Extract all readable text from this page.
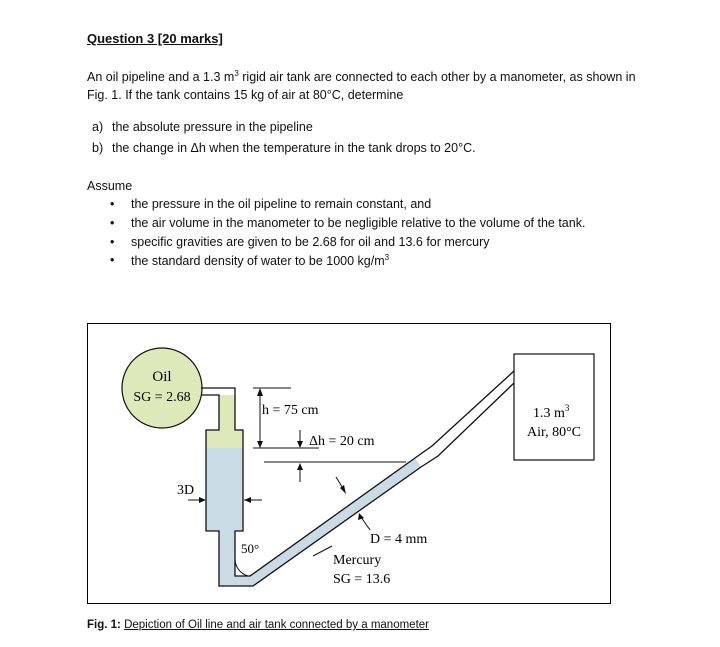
Question 3 [20 marks]
An oil pipeline and a 1.3 $m^3$ rigid air tank are connected to each other by a manometer, as shown in Fig. 1. If the tank contains 15 kg of air at 80°C, determine
a) the absolute pressure in the pipeline
b) the change in Δh when the temperature in the tank drops to 20°C.
Assume
• the pressure in the oil pipeline to remain constant, and
• the air volume in the manometer to be negligible relative to the volume of the tank.
• specific gravities are given to be 2.68 for oil and 13.6 for mercury
• the standard density of water to be 1000 $kg/m^3$
Oil
SG = 2.68
h = 75 cm
Δh = 20 cm
3D
50°
D = 4 mm
Mercury
SG = 13.6
1.3 $m^3$
Air, 80°C
Fig. 1: Depiction of Oil line and air tank connected by a manometer
